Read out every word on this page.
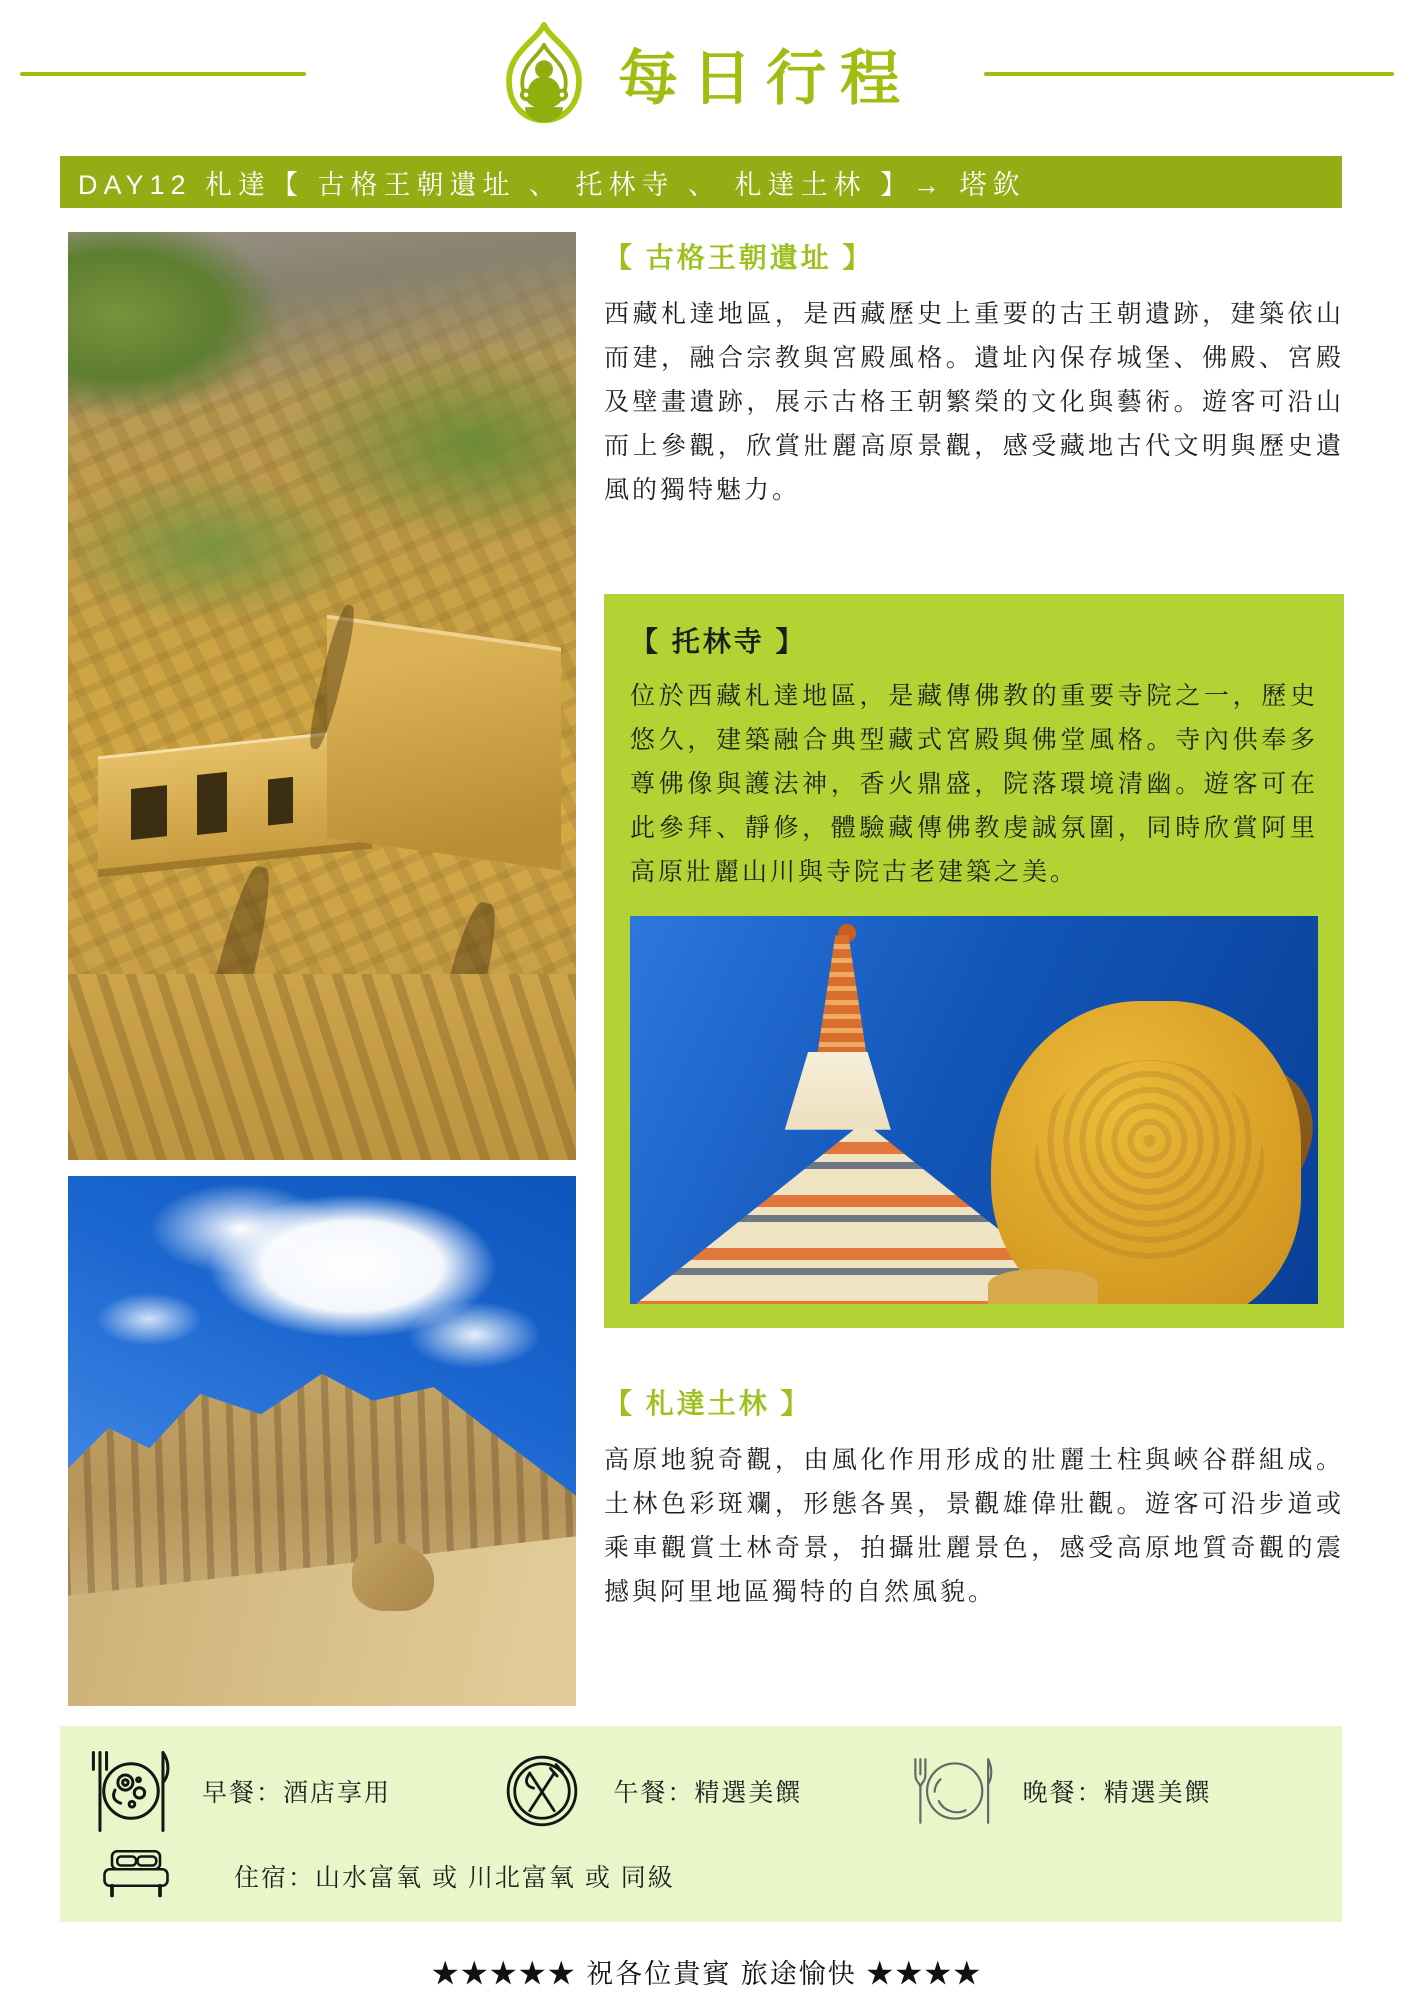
每日行程
DAY12 札達【 古格王朝遺址 、 托林寺 、 札達土林 】→ 塔欽
【 古格王朝遺址 】

西藏札達地區，是西藏歷史上重要的古王朝遺跡，建築依山而建，融合宗教與宮殿風格。遺址內保存城堡、佛殿、宮殿及壁畫遺跡，展示古格王朝繁榮的文化與藝術。遊客可沿山而上參觀，欣賞壯麗高原景觀，感受藏地古代文明與歷史遺風的獨特魅力。

【 托林寺 】

位於西藏札達地區，是藏傳佛教的重要寺院之一，歷史悠久，建築融合典型藏式宮殿與佛堂風格。寺內供奉多尊佛像與護法神，香火鼎盛，院落環境清幽。遊客可在此參拜、靜修，體驗藏傳佛教虔誠氛圍，同時欣賞阿里高原壯麗山川與寺院古老建築之美。

【 札達土林 】

高原地貌奇觀，由風化作用形成的壯麗土柱與峽谷群組成。土林色彩斑斕，形態各異，景觀雄偉壯觀。遊客可沿步道或乘車觀賞土林奇景，拍攝壯麗景色，感受高原地質奇觀的震撼與阿里地區獨特的自然風貌。

早餐：酒店享用	午餐：精選美饌	晚餐：精選美饌
住宿：山水富氧 或 川北富氧 或 同級
★★★★★ 祝各位貴賓 旅途愉快 ★★★★
